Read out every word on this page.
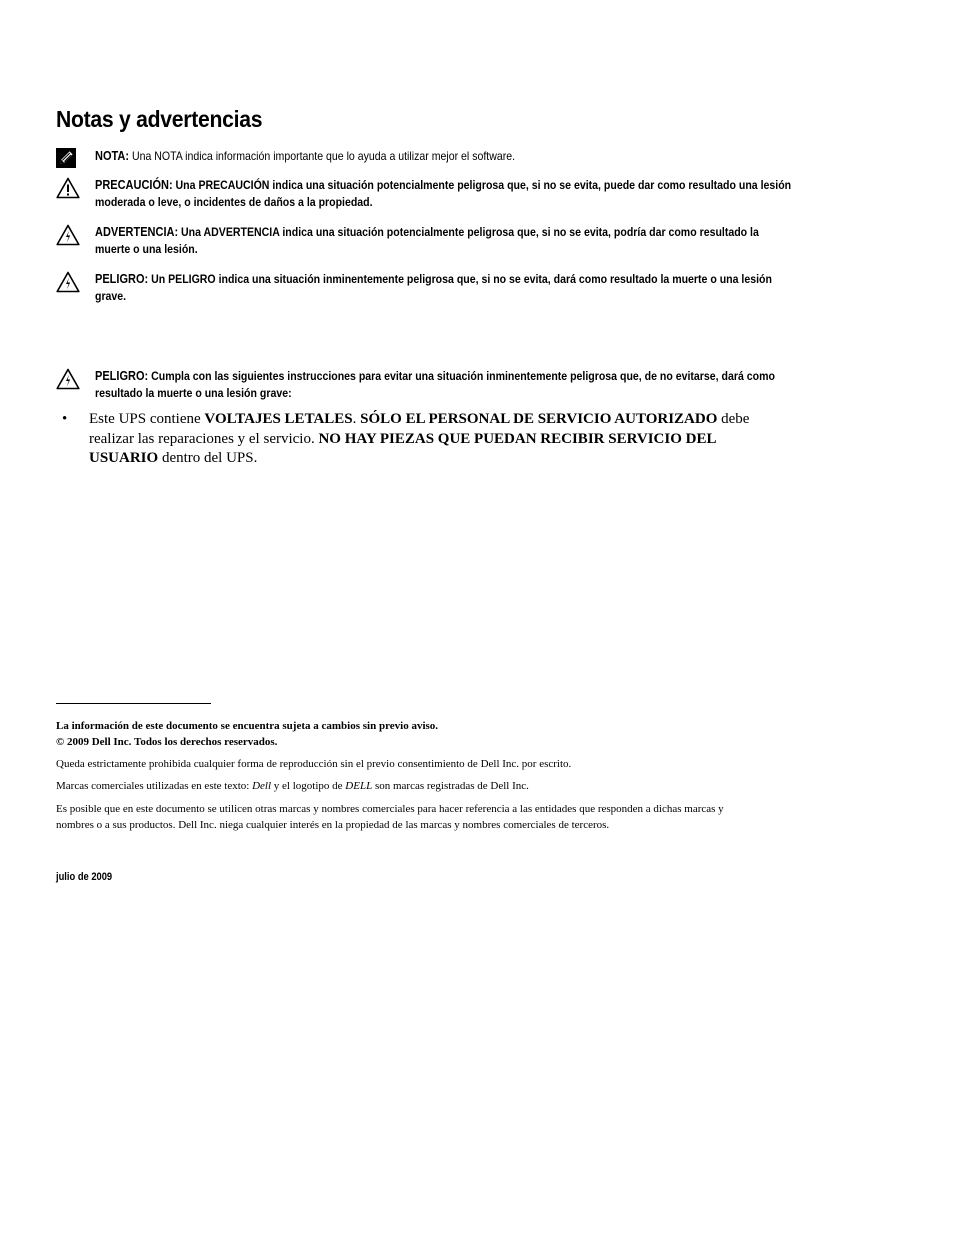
Notas y advertencias
NOTA: Una NOTA indica información importante que lo ayuda a utilizar mejor el software.
PRECAUCIÓN: Una PRECAUCIÓN indica una situación potencialmente peligrosa que, si no se evita, puede dar como resultado una lesión moderada o leve, o incidentes de daños a la propiedad.
ADVERTENCIA: Una ADVERTENCIA indica una situación potencialmente peligrosa que, si no se evita, podría dar como resultado la muerte o una lesión.
PELIGRO: Un PELIGRO indica una situación inminentemente peligrosa que, si no se evita, dará como resultado la muerte o una lesión grave.
PELIGRO: Cumpla con las siguientes instrucciones para evitar una situación inminentemente peligrosa que, de no evitarse, dará como resultado la muerte o una lesión grave:
• Este UPS contiene VOLTAJES LETALES. SÓLO EL PERSONAL DE SERVICIO AUTORIZADO debe realizar las reparaciones y el servicio. NO HAY PIEZAS QUE PUEDAN RECIBIR SERVICIO DEL USUARIO dentro del UPS.

La información de este documento se encuentra sujeta a cambios sin previo aviso.
© 2009 Dell Inc. Todos los derechos reservados.

Queda estrictamente prohibida cualquier forma de reproducción sin el previo consentimiento de Dell Inc. por escrito.

Marcas comerciales utilizadas en este texto: Dell y el logotipo de DELL son marcas registradas de Dell Inc.

Es posible que en este documento se utilicen otras marcas y nombres comerciales para hacer referencia a las entidades que responden a dichas marcas y nombres o a sus productos. Dell Inc. niega cualquier interés en la propiedad de las marcas y nombres comerciales de terceros.

julio de 2009
